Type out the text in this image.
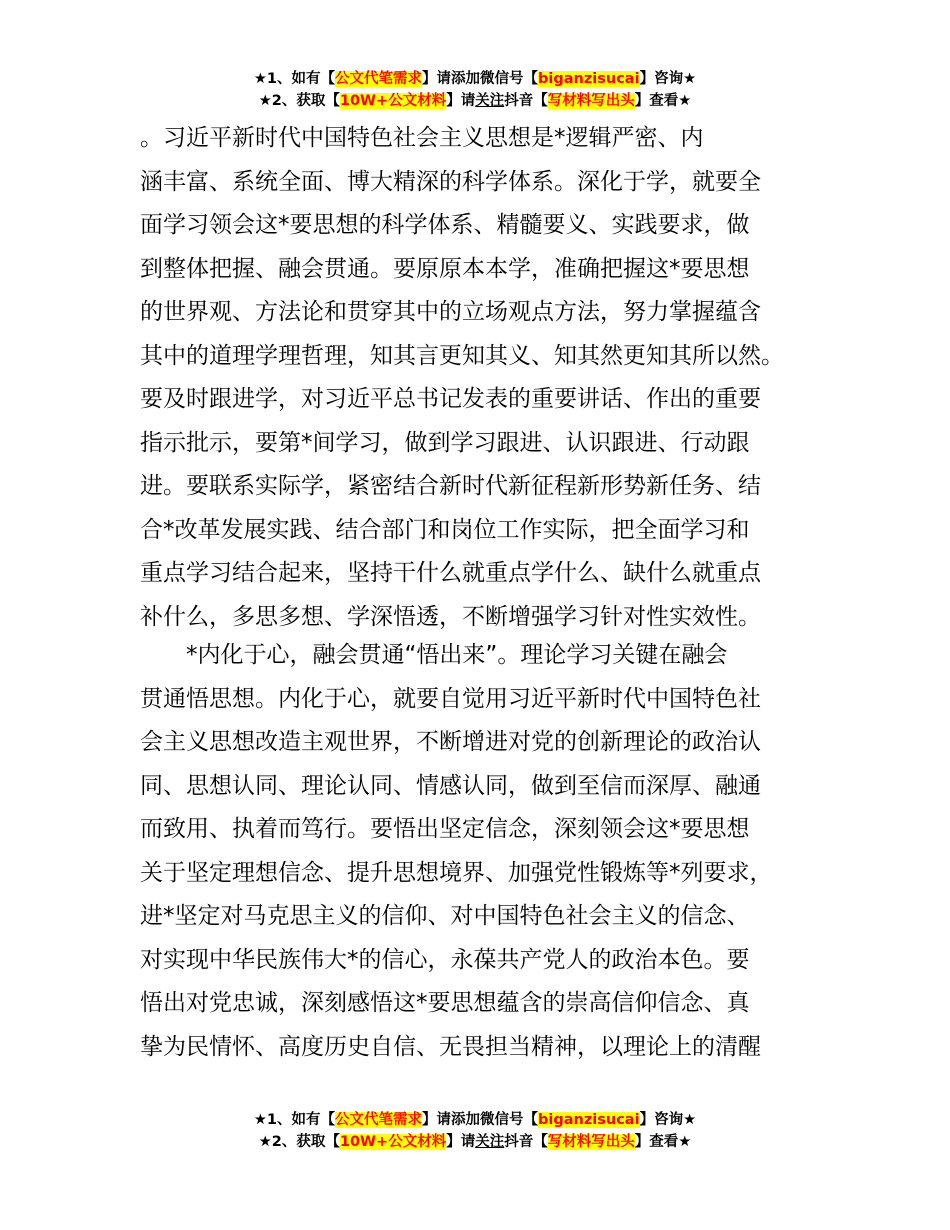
★1、如有【公文代笔需求】请添加微信号【biganzisucai】咨询★
★2、获取【10W+公文材料】请关注抖音【写材料写出头】查看★
。习近平新时代中国特色社会主义思想是*逻辑严密、内
涵丰富、系统全面、博大精深的科学体系。深化于学，就要全
面学习领会这*要思想的科学体系、精髓要义、实践要求，做
到整体把握、融会贯通。要原原本本学，准确把握这*要思想
的世界观、方法论和贯穿其中的立场观点方法，努力掌握蕴含
其中的道理学理哲理，知其言更知其义、知其然更知其所以然。
要及时跟进学，对习近平总书记发表的重要讲话、作出的重要
指示批示，要第*间学习，做到学习跟进、认识跟进、行动跟
进。要联系实际学，紧密结合新时代新征程新形势新任务、结
合*改革发展实践、结合部门和岗位工作实际，把全面学习和
重点学习结合起来，坚持干什么就重点学什么、缺什么就重点
补什么，多思多想、学深悟透，不断增强学习针对性实效性。
*内化于心，融会贯通“悟出来”。理论学习关键在融会
贯通悟思想。内化于心，就要自觉用习近平新时代中国特色社
会主义思想改造主观世界，不断增进对党的创新理论的政治认
同、思想认同、理论认同、情感认同，做到至信而深厚、融通
而致用、执着而笃行。要悟出坚定信念，深刻领会这*要思想
关于坚定理想信念、提升思想境界、加强党性锻炼等*列要求，
进*坚定对马克思主义的信仰、对中国特色社会主义的信念、
对实现中华民族伟大*的信心，永葆共产党人的政治本色。要
悟出对党忠诚，深刻感悟这*要思想蕴含的崇高信仰信念、真
挚为民情怀、高度历史自信、无畏担当精神，以理论上的清醒
★1、如有【公文代笔需求】请添加微信号【biganzisucai】咨询★
★2、获取【10W+公文材料】请关注抖音【写材料写出头】查看★
